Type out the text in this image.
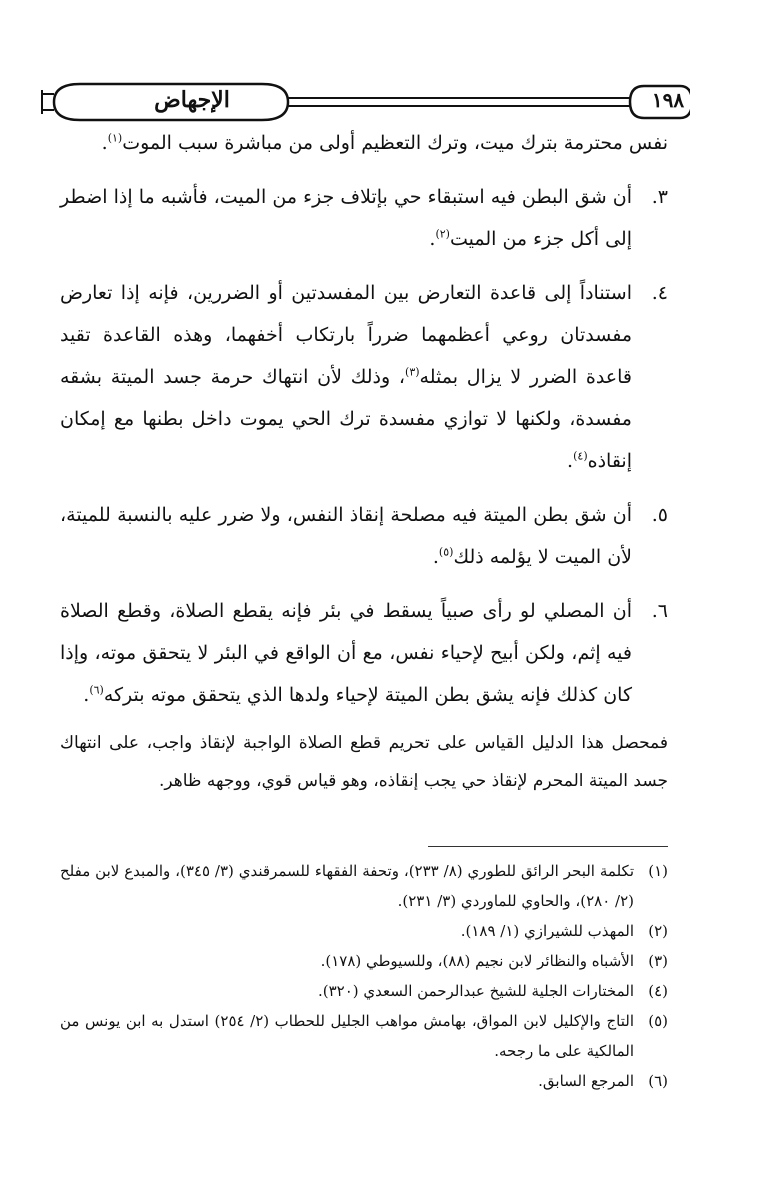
الإجهاض	١٩٨

نفس محترمة بترك ميت، وترك التعظيم أولى من مباشرة سبب الموت$^{(١)}$.

٣.

أن شق البطن فيه استبقاء حي بإتلاف جزء من الميت، فأشبه ما إذا اضطر إلى أكل جزء من الميت$^{(٢)}$.

٤.

استناداً إلى قاعدة التعارض بين المفسدتين أو الضررين، فإنه إذا تعارض مفسدتان روعي أعظمهما ضرراً بارتكاب أخفهما، وهذه القاعدة تقيد قاعدة الضرر لا يزال بمثله$^{(٣)}$، وذلك لأن انتهاك حرمة جسد الميتة بشقه مفسدة، ولكنها لا توازي مفسدة ترك الحي يموت داخل بطنها مع إمكان إنقاذه$^{(٤)}$.

٥.

أن شق بطن الميتة فيه مصلحة إنقاذ النفس، ولا ضرر عليه بالنسبة للميتة، لأن الميت لا يؤلمه ذلك$^{(٥)}$.

٦.

أن المصلي لو رأى صبياً يسقط في بئر فإنه يقطع الصلاة، وقطع الصلاة فيه إثم، ولكن أبيح لإحياء نفس، مع أن الواقع في البئر لا يتحقق موته، وإذا كان كذلك فإنه يشق بطن الميتة لإحياء ولدها الذي يتحقق موته بتركه$^{(٦)}$.

فمحصل هذا الدليل القياس على تحريم قطع الصلاة الواجبة لإنقاذ واجب، على انتهاك جسد الميتة المحرم لإنقاذ حي يجب إنقاذه، وهو قياس قوي، ووجهه ظاهر.

(١)
تكلمة البحر الرائق للطوري (٨/ ٢٣٣)، وتحفة الفقهاء للسمرقندي (٣/ ٣٤٥)، والمبدع لابن مفلح (٢/ ٢٨٠)، والحاوي للماوردي (٣/ ٢٣١).
(٢)
المهذب للشيرازي (١/ ١٨٩).
(٣)
الأشباه والنظائر لابن نجيم (٨٨)، وللسيوطي (١٧٨).
(٤)
المختارات الجلية للشيخ عبدالرحمن السعدي (٣٢٠).
(٥)
التاج والإكليل لابن المواق، بهامش مواهب الجليل للحطاب (٢/ ٢٥٤) استدل به ابن يونس من المالكية على ما رجحه.
(٦)
المرجع السابق.
